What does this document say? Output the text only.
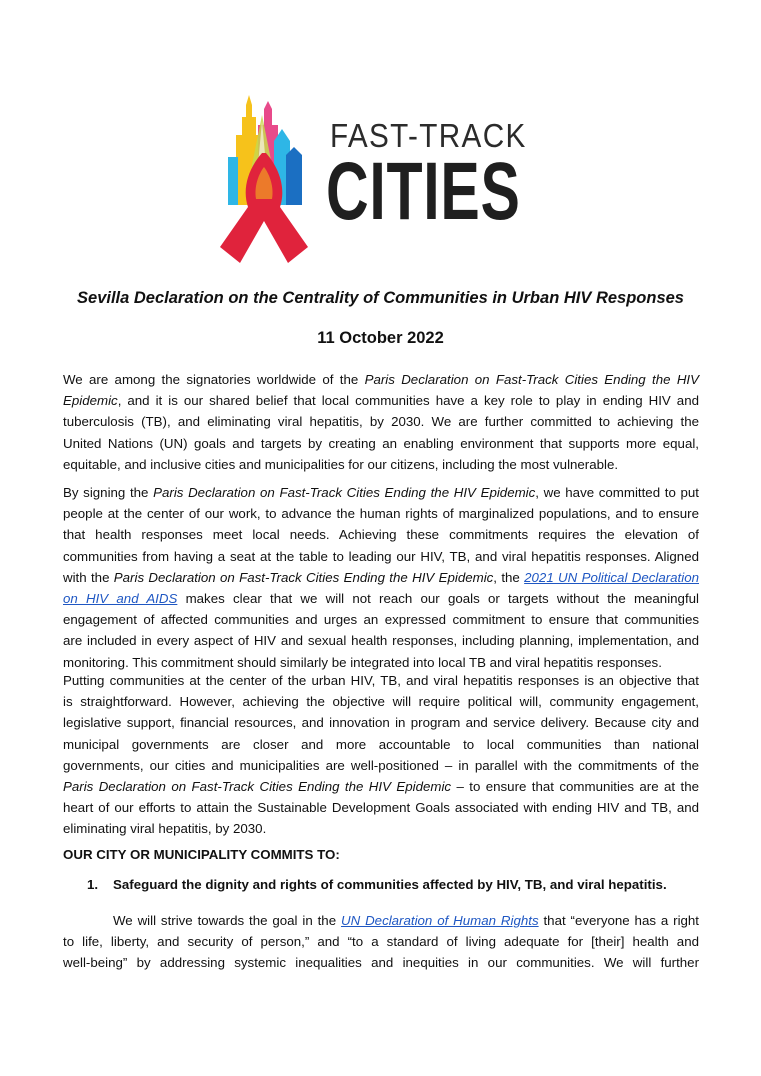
FAST-TRACK
CITIES
Sevilla Declaration on the Centrality of Communities in Urban HIV Responses
11 October 2022
We are among the signatories worldwide of the Paris Declaration on Fast-Track Cities Ending the HIV
Epidemic, and it is our shared belief that local communities have a key role to play in ending HIV and
tuberculosis (TB), and eliminating viral hepatitis, by 2030. We are further committed to achieving the
United Nations (UN) goals and targets by creating an enabling environment that supports more equal,
equitable, and inclusive cities and municipalities for our citizens, including the most vulnerable.
By signing the Paris Declaration on Fast-Track Cities Ending the HIV Epidemic, we have committed to put
people at the center of our work, to advance the human rights of marginalized populations, and to ensure
that health responses meet local needs. Achieving these commitments requires the elevation of
communities from having a seat at the table to leading our HIV, TB, and viral hepatitis responses. Aligned
with the Paris Declaration on Fast-Track Cities Ending the HIV Epidemic, the 2021 UN Political Declaration
on HIV and AIDS makes clear that we will not reach our goals or targets without the meaningful
engagement of affected communities and urges an expressed commitment to ensure that communities
are included in every aspect of HIV and sexual health responses, including planning, implementation, and
monitoring. This commitment should similarly be integrated into local TB and viral hepatitis responses.
Putting communities at the center of the urban HIV, TB, and viral hepatitis responses is an objective that
is straightforward. However, achieving the objective will require political will, community engagement,
legislative support, financial resources, and innovation in program and service delivery. Because city and
municipal governments are closer and more accountable to local communities than national
governments, our cities and municipalities are well-positioned – in parallel with the commitments of the
Paris Declaration on Fast-Track Cities Ending the HIV Epidemic – to ensure that communities are at the
heart of our efforts to attain the Sustainable Development Goals associated with ending HIV and TB, and
eliminating viral hepatitis, by 2030.
OUR CITY OR MUNICIPALITY COMMITS TO:
1. Safeguard the dignity and rights of communities affected by HIV, TB, and viral hepatitis.
We will strive towards the goal in the UN Declaration of Human Rights that “everyone has a right
to life, liberty, and security of person,” and “to a standard of living adequate for [their] health and
well-being” by addressing systemic inequalities and inequities in our communities. We will further
